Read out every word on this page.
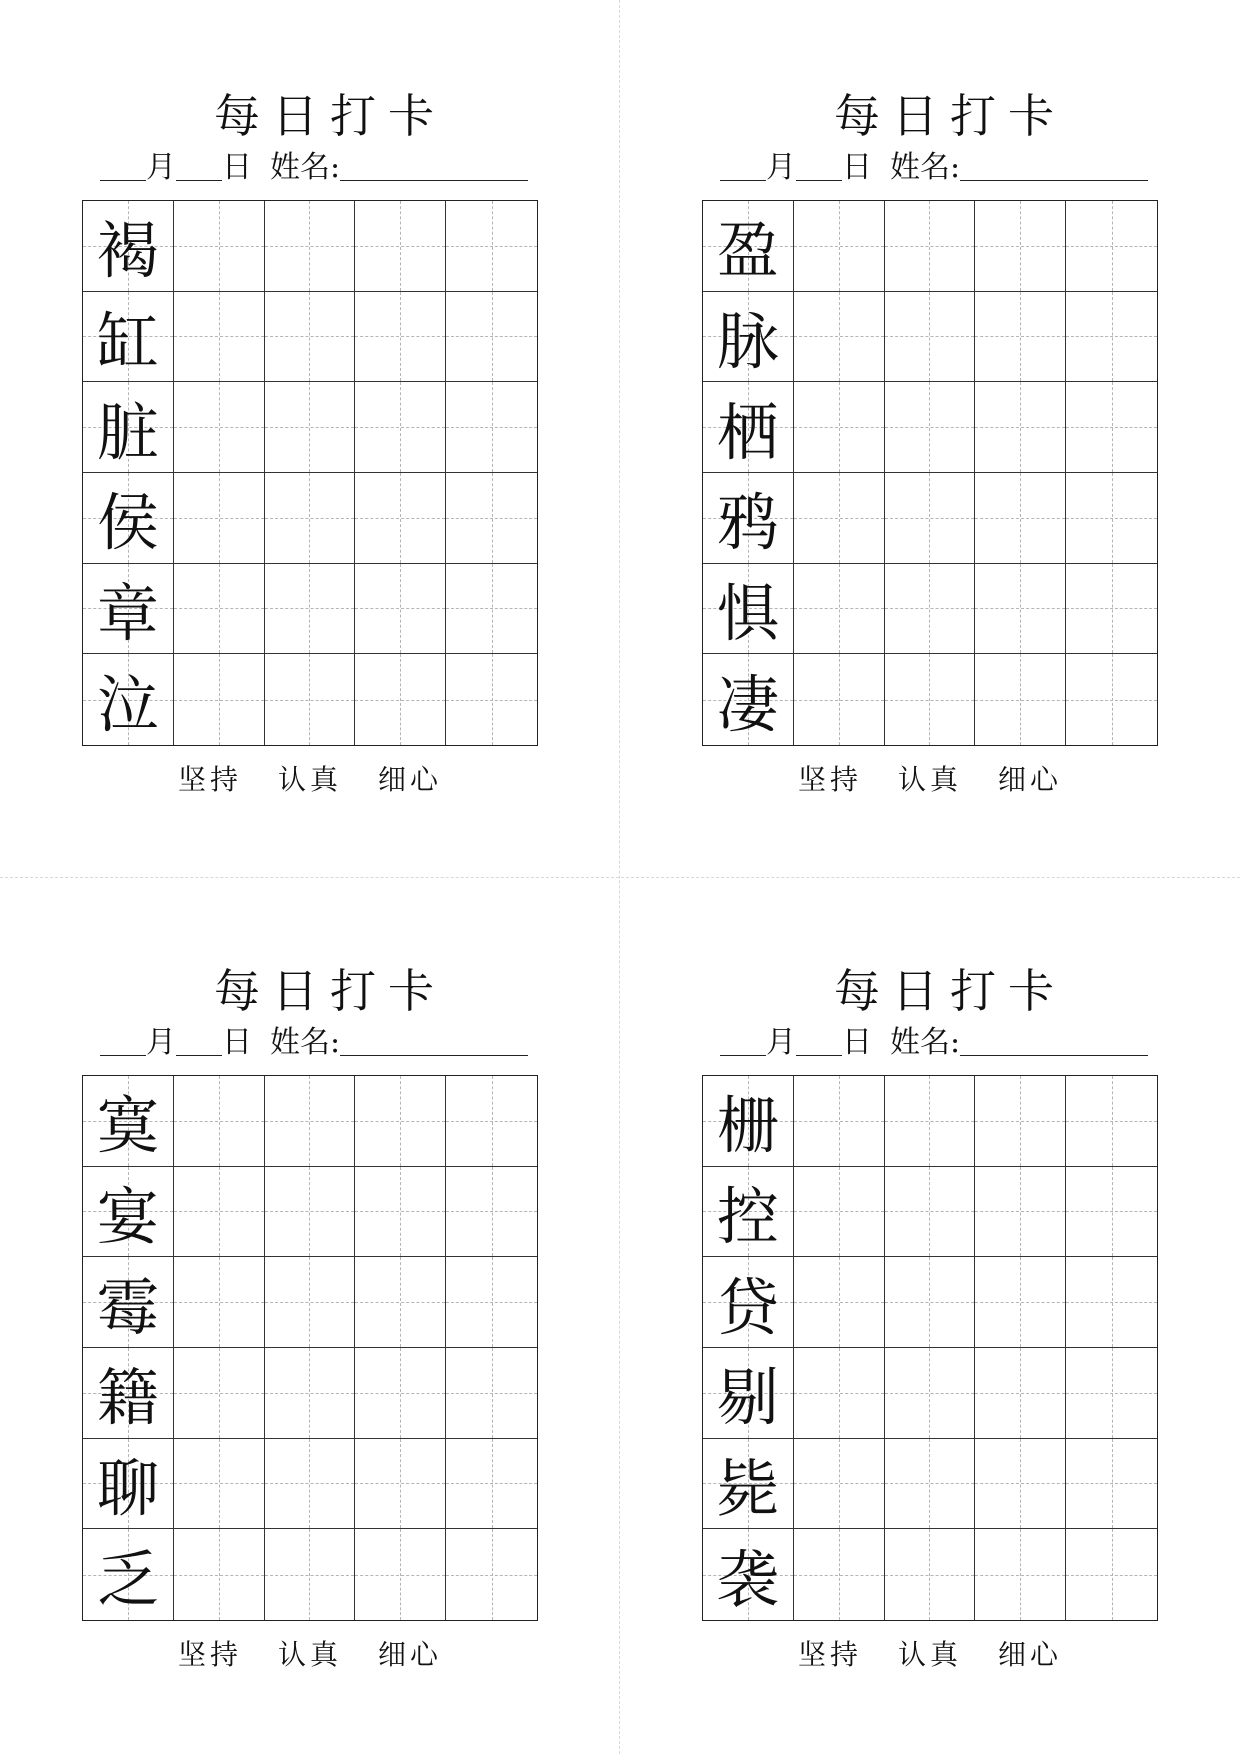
每日打卡
月 日 姓名:
褐
缸
脏
侯
章
泣
坚持 认真 细心
每日打卡
月 日 姓名:
盈
脉
栖
鸦
惧
凄
坚持 认真 细心
每日打卡
月 日 姓名:
寞
宴
霉
籍
聊
乏
坚持 认真 细心
每日打卡
月 日 姓名:
栅
控
贷
剔
毙
袭
坚持 认真 细心
